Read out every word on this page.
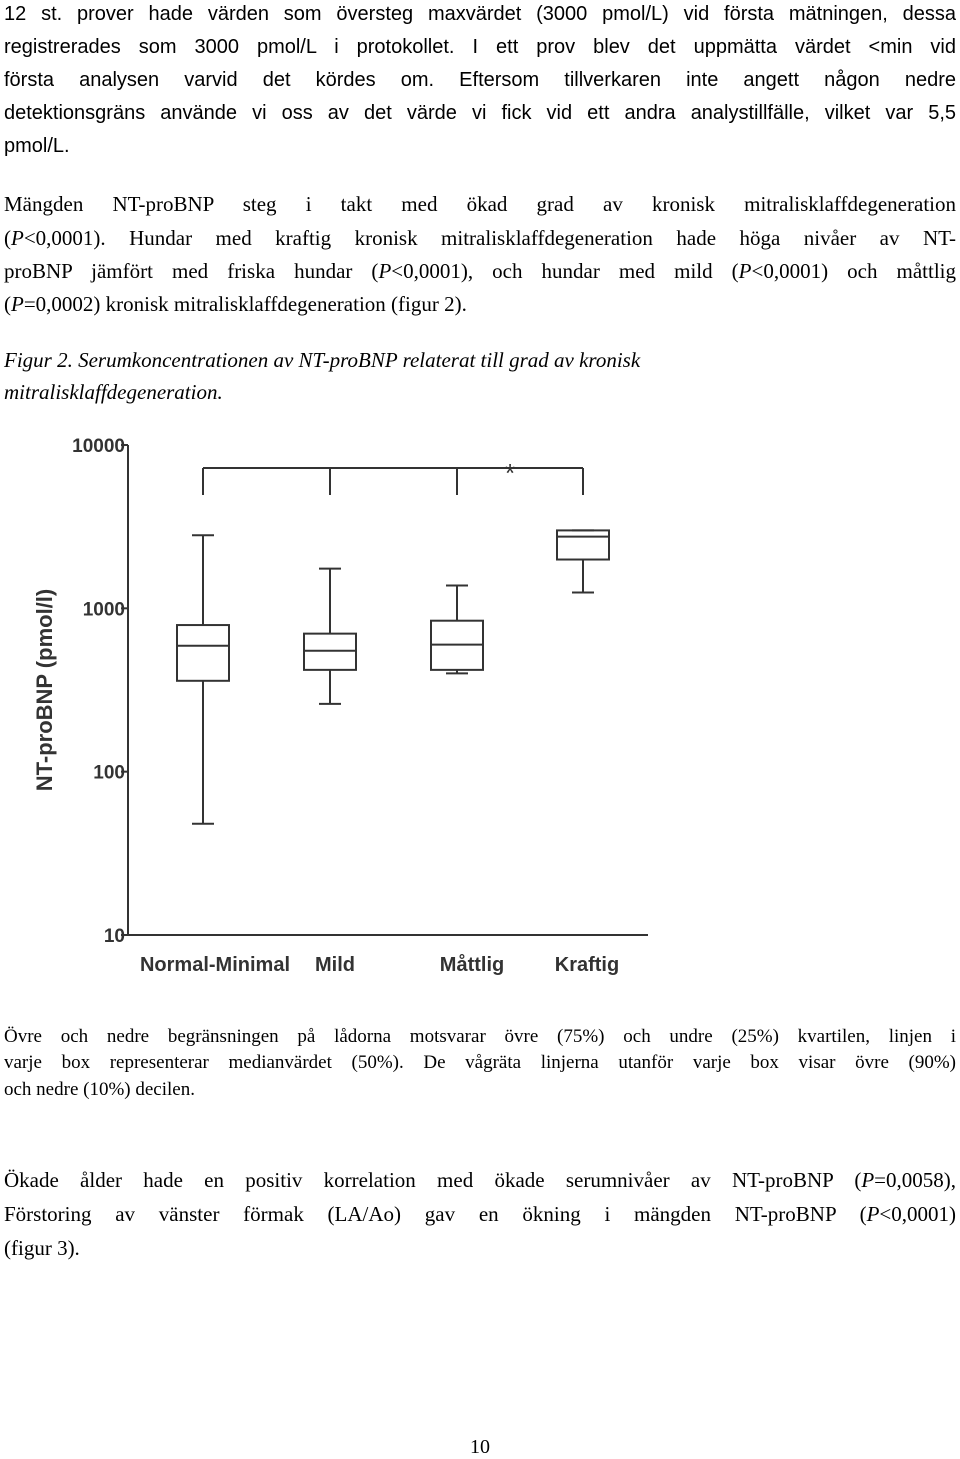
12 st. prover hade värden som översteg maxvärdet (3000 pmol/L) vid första mätningen, dessa
registrerades som 3000 pmol/L i protokollet. I ett prov blev det uppmätta värdet <min vid
första analysen varvid det kördes om. Eftersom tillverkaren inte angett någon nedre
detektionsgräns använde vi oss av det värde vi fick vid ett andra analystillfälle, vilket var 5,5
pmol/L.
Mängden NT-proBNP steg i takt med ökad grad av kronisk mitralisklaffdegeneration
(P<0,0001). Hundar med kraftig kronisk mitralisklaffdegeneration hade höga nivåer av NT-
proBNP jämfört med friska hundar (P<0,0001), och hundar med mild (P<0,0001) och måttlig
(P=0,0002) kronisk mitralisklaffdegeneration (figur 2).
Figur 2. Serumkoncentrationen av NT-proBNP relaterat till grad av kronisk
mitralisklaffdegeneration.
10
100
1000
10000
Normal-Minimal Mild	Måttlig	Kraftig
*
NT-proBNP (pmol/l)
Övre och nedre begränsningen på lådorna motsvarar övre (75%) och undre (25%) kvartilen, linjen i
varje box representerar medianvärdet (50%). De vågräta linjerna utanför varje box visar övre (90%)
och nedre (10%) decilen.
Ökade ålder hade en positiv korrelation med ökade serumnivåer av NT-proBNP (P=0,0058),
Förstoring av vänster förmak (LA/Ao) gav en ökning i mängden NT-proBNP (P<0,0001)
(figur 3).
10
